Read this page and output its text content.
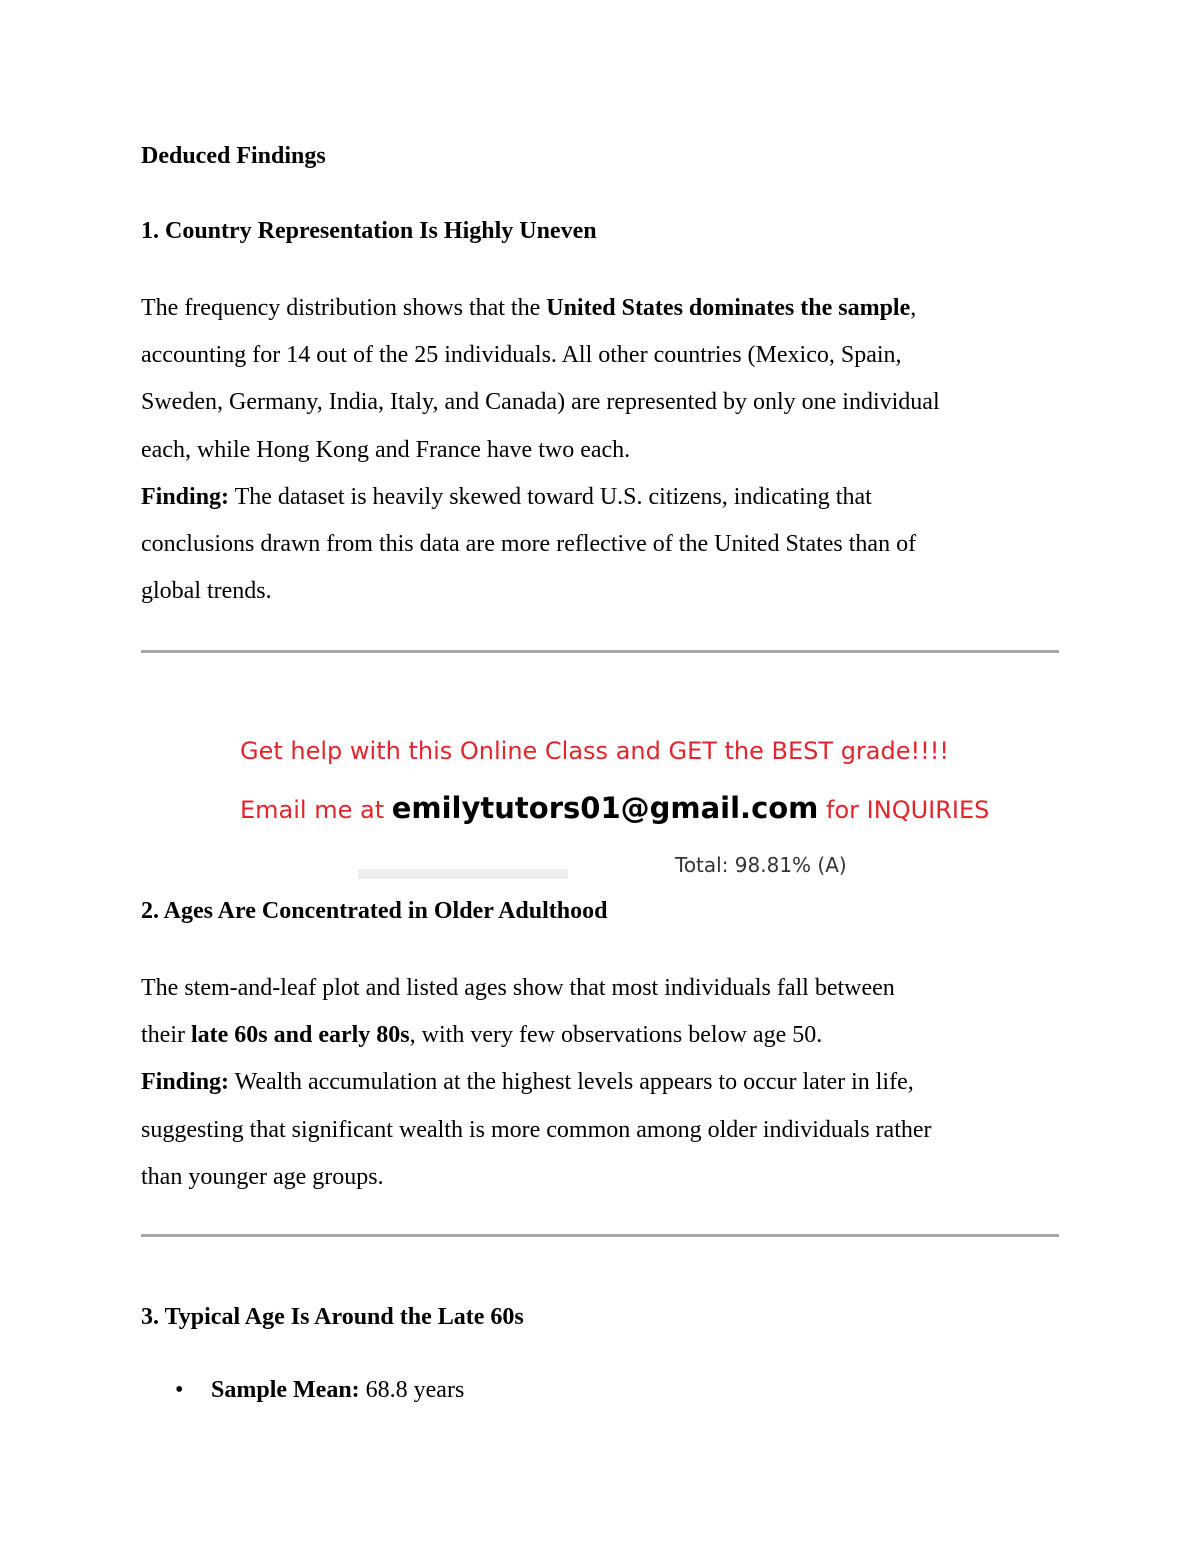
Deduced Findings
1. Country Representation Is Highly Uneven

The frequency distribution shows that the United States dominates the sample,
accounting for 14 out of the 25 individuals. All other countries (Mexico, Spain,
Sweden, Germany, India, Italy, and Canada) are represented by only one individual
each, while Hong Kong and France have two each.
Finding: The dataset is heavily skewed toward U.S. citizens, indicating that
conclusions drawn from this data are more reflective of the United States than of
global trends.

Get help with this Online Class and GET the BEST grade!!!!

Email me at emilytutors01@gmail.com for INQUIRIES

Total: 98.81% (A)

2. Ages Are Concentrated in Older Adulthood

The stem-and-leaf plot and listed ages show that most individuals fall between
their late 60s and early 80s, with very few observations below age 50.
Finding: Wealth accumulation at the highest levels appears to occur later in life,
suggesting that significant wealth is more common among older individuals rather
than younger age groups.

3. Typical Age Is Around the Late 60s
• Sample Mean: 68.8 years
